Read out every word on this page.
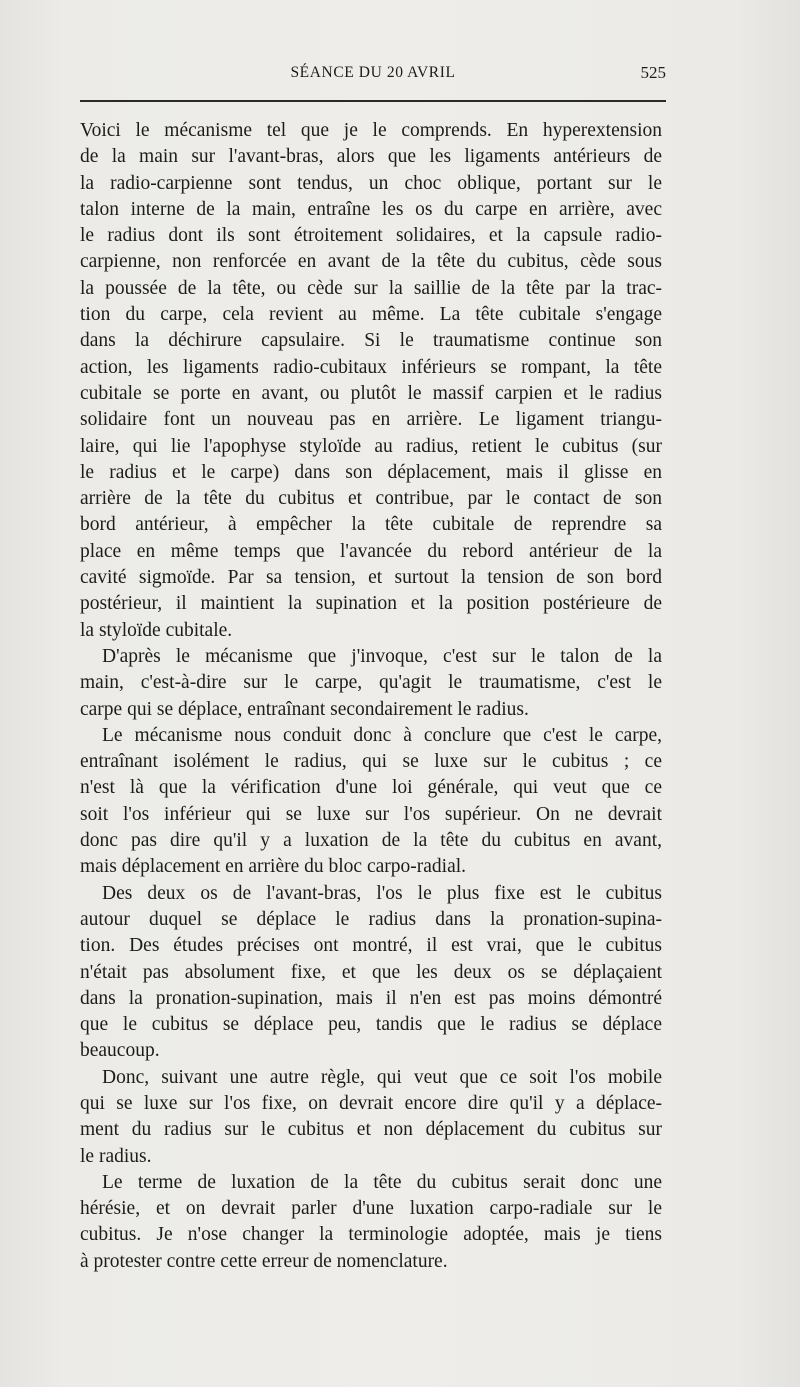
SÉANCE DU 20 AVRIL	525

Voici le mécanisme tel que je le comprends. En hyperextension
de la main sur l'avant-bras, alors que les ligaments antérieurs de
la radio-carpienne sont tendus, un choc oblique, portant sur le
talon interne de la main, entraîne les os du carpe en arrière, avec
le radius dont ils sont étroitement solidaires, et la capsule radio-
carpienne, non renforcée en avant de la tête du cubitus, cède sous
la poussée de la tête, ou cède sur la saillie de la tête par la trac-
tion du carpe, cela revient au même. La tête cubitale s'engage
dans la déchirure capsulaire. Si le traumatisme continue son
action, les ligaments radio-cubitaux inférieurs se rompant, la tête
cubitale se porte en avant, ou plutôt le massif carpien et le radius
solidaire font un nouveau pas en arrière. Le ligament triangu-
laire, qui lie l'apophyse styloïde au radius, retient le cubitus (sur
le radius et le carpe) dans son déplacement, mais il glisse en
arrière de la tête du cubitus et contribue, par le contact de son
bord antérieur, à empêcher la tête cubitale de reprendre sa
place en même temps que l'avancée du rebord antérieur de la
cavité sigmoïde. Par sa tension, et surtout la tension de son bord
postérieur, il maintient la supination et la position postérieure de
la styloïde cubitale.

D'après le mécanisme que j'invoque, c'est sur le talon de la
main, c'est-à-dire sur le carpe, qu'agit le traumatisme, c'est le
carpe qui se déplace, entraînant secondairement le radius.

Le mécanisme nous conduit donc à conclure que c'est le carpe,
entraînant isolément le radius, qui se luxe sur le cubitus ; ce
n'est là que la vérification d'une loi générale, qui veut que ce
soit l'os inférieur qui se luxe sur l'os supérieur. On ne devrait
donc pas dire qu'il y a luxation de la tête du cubitus en avant,
mais déplacement en arrière du bloc carpo-radial.

Des deux os de l'avant-bras, l'os le plus fixe est le cubitus
autour duquel se déplace le radius dans la pronation-supina-
tion. Des études précises ont montré, il est vrai, que le cubitus
n'était pas absolument fixe, et que les deux os se déplaçaient
dans la pronation-supination, mais il n'en est pas moins démontré
que le cubitus se déplace peu, tandis que le radius se déplace
beaucoup.

Donc, suivant une autre règle, qui veut que ce soit l'os mobile
qui se luxe sur l'os fixe, on devrait encore dire qu'il y a déplace-
ment du radius sur le cubitus et non déplacement du cubitus sur
le radius.

Le terme de luxation de la tête du cubitus serait donc une
hérésie, et on devrait parler d'une luxation carpo-radiale sur le
cubitus. Je n'ose changer la terminologie adoptée, mais je tiens
à protester contre cette erreur de nomenclature.
